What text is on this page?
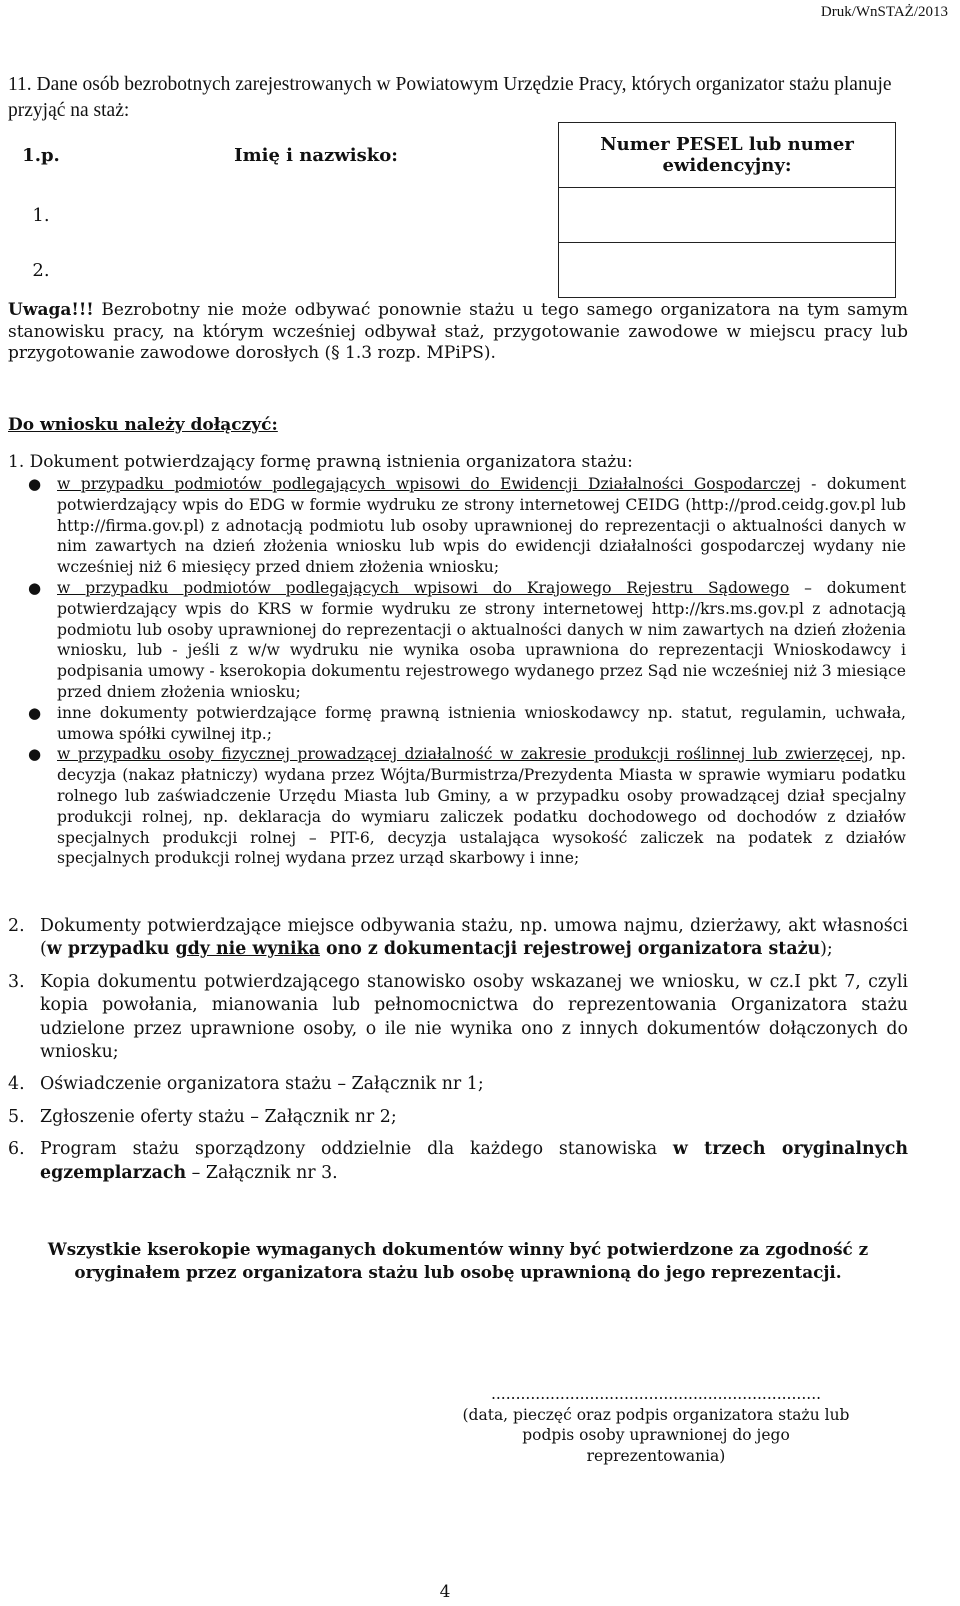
Druk/WnSTAŻ/2013
11. Dane osób bezrobotnych zarejestrowanych w Powiatowym Urzędzie Pracy, których organizator stażu planuje przyjąć na staż:
1.p.	Imię i nazwisko:	Numer PESEL lub numer ewidencyjny:
1.		
2.		
Uwaga!!! Bezrobotny nie może odbywać ponownie stażu u tego samego organizatora na tym samym stanowisku pracy, na którym wcześniej odbywał staż, przygotowanie zawodowe w miejscu pracy lub przygotowanie zawodowe dorosłych (§ 1.3 rozp. MPiPS).
Do wniosku należy dołączyć:
1. Dokument potwierdzający formę prawną istnienia organizatora stażu:
● w przypadku podmiotów podlegających wpisowi do Ewidencji Działalności Gospodarczej - dokument potwierdzający wpis do EDG w formie wydruku ze strony internetowej CEIDG (http://prod.ceidg.gov.pl lub http://firma.gov.pl) z adnotacją podmiotu lub osoby uprawnionej do reprezentacji o aktualności danych w nim zawartych na dzień złożenia wniosku lub wpis do ewidencji działalności gospodarczej wydany nie wcześniej niż 6 miesięcy przed dniem złożenia wniosku;
● w przypadku podmiotów podlegających wpisowi do Krajowego Rejestru Sądowego – dokument potwierdzający wpis do KRS w formie wydruku ze strony internetowej http://krs.ms.gov.pl z adnotacją podmiotu lub osoby uprawnionej do reprezentacji o aktualności danych w nim zawartych na dzień złożenia wniosku, lub - jeśli z w/w wydruku nie wynika osoba uprawniona do reprezentacji Wnioskodawcy i podpisania umowy - kserokopia dokumentu rejestrowego wydanego przez Sąd nie wcześniej niż 3 miesiące przed dniem złożenia wniosku;
● inne dokumenty potwierdzające formę prawną istnienia wnioskodawcy np. statut, regulamin, uchwała, umowa spółki cywilnej itp.;
● w przypadku osoby fizycznej prowadzącej działalność w zakresie produkcji roślinnej lub zwierzęcej, np. decyzja (nakaz płatniczy) wydana przez Wójta/Burmistrza/Prezydenta Miasta w sprawie wymiaru podatku rolnego lub zaświadczenie Urzędu Miasta lub Gminy, a w przypadku osoby prowadzącej dział specjalny produkcji rolnej, np. deklaracja do wymiaru zaliczek podatku dochodowego od dochodów z działów specjalnych produkcji rolnej – PIT-6, decyzja ustalająca wysokość zaliczek na podatek z działów specjalnych produkcji rolnej wydana przez urząd skarbowy i inne;
2. Dokumenty potwierdzające miejsce odbywania stażu, np. umowa najmu, dzierżawy, akt własności (w przypadku gdy nie wynika ono z dokumentacji rejestrowej organizatora stażu);
3. Kopia dokumentu potwierdzającego stanowisko osoby wskazanej we wniosku, w cz.I pkt 7, czyli kopia powołania, mianowania lub pełnomocnictwa do reprezentowania Organizatora stażu udzielone przez uprawnione osoby, o ile nie wynika ono z innych dokumentów dołączonych do wniosku;
4. Oświadczenie organizatora stażu – Załącznik nr 1;
5. Zgłoszenie oferty stażu – Załącznik nr 2;
6. Program stażu sporządzony oddzielnie dla każdego stanowiska w trzech oryginalnych egzemplarzach – Załącznik nr 3.
Wszystkie kserokopie wymaganych dokumentów winny być potwierdzone za zgodność z oryginałem przez organizatora stażu lub osobę uprawnioną do jego reprezentacji.
...................................................................
(data, pieczęć oraz podpis organizatora stażu lub podpis osoby uprawnionej do jego reprezentowania)
4
